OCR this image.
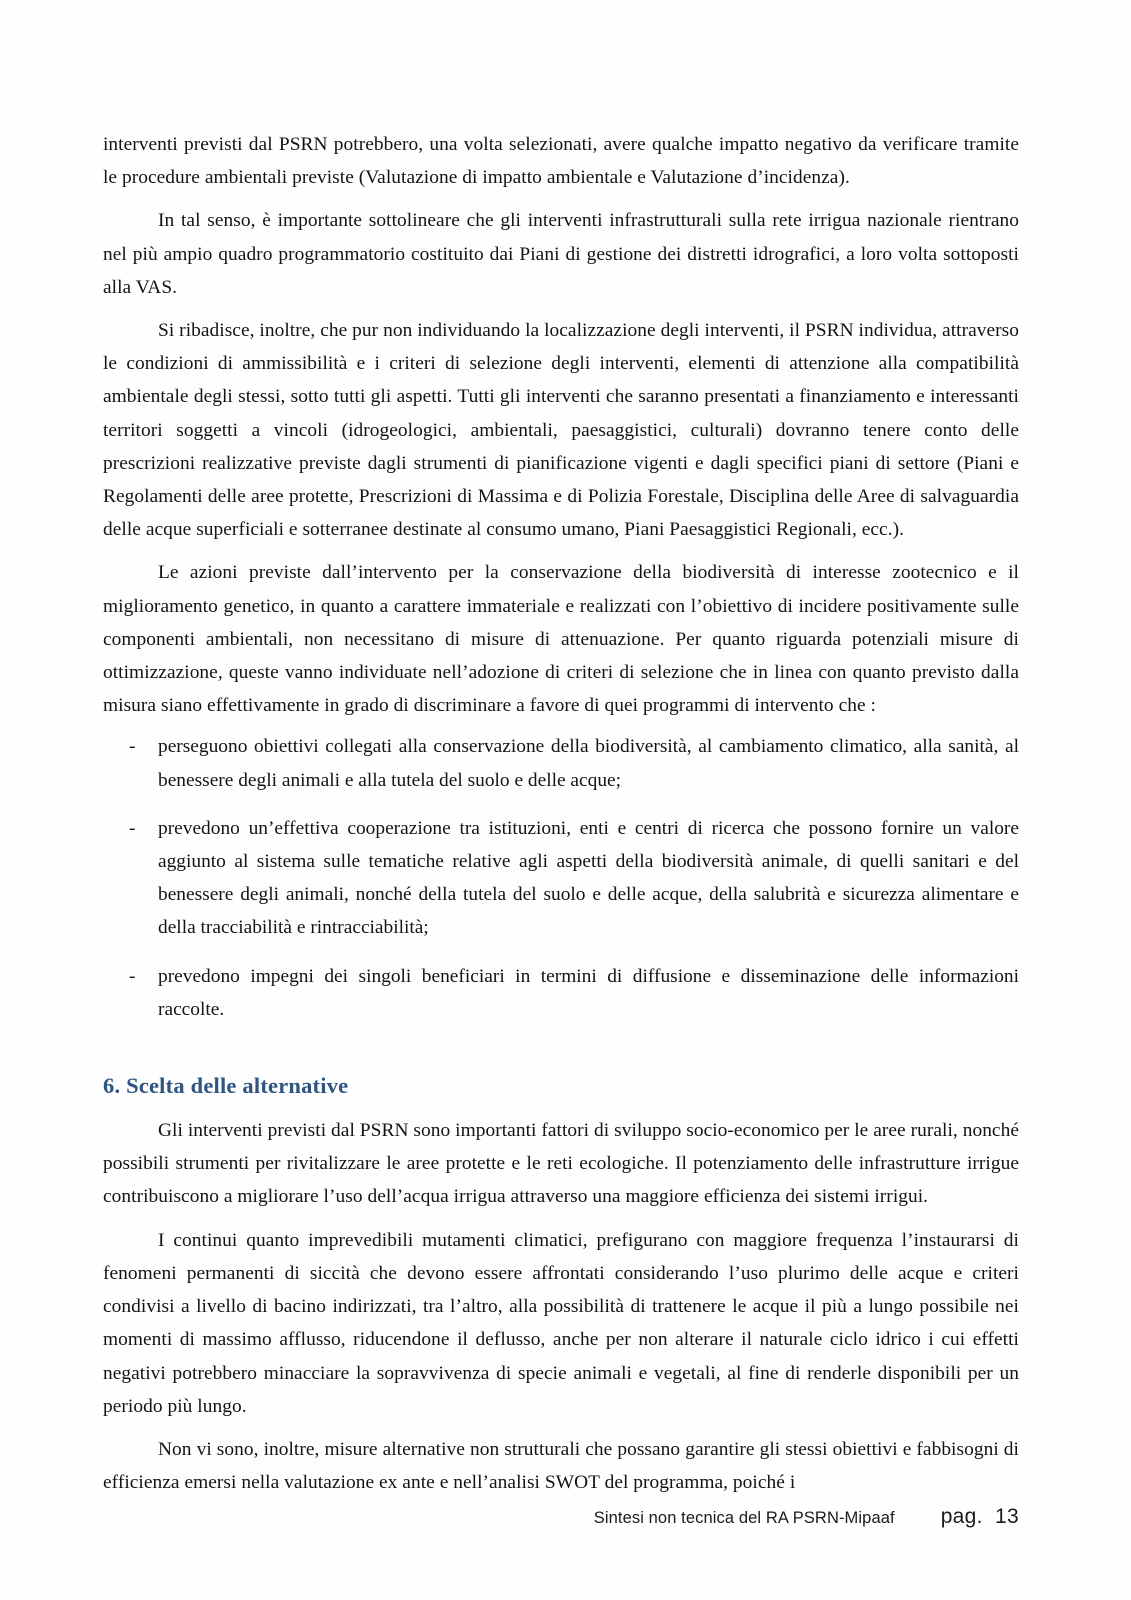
interventi previsti dal PSRN potrebbero, una volta selezionati, avere qualche impatto negativo da verificare tramite le procedure ambientali previste (Valutazione di impatto ambientale e Valutazione d’incidenza).

In tal senso, è importante sottolineare che gli interventi infrastrutturali sulla rete irrigua nazionale rientrano nel più ampio quadro programmatorio costituito dai Piani di gestione dei distretti idrografici, a loro volta sottoposti alla VAS.

Si ribadisce, inoltre, che pur non individuando la localizzazione degli interventi, il PSRN individua, attraverso le condizioni di ammissibilità e i criteri di selezione degli interventi, elementi di attenzione alla compatibilità ambientale degli stessi, sotto tutti gli aspetti. Tutti gli interventi che saranno presentati a finanziamento e interessanti territori soggetti a vincoli (idrogeologici, ambientali, paesaggistici, culturali) dovranno tenere conto delle prescrizioni realizzative previste dagli strumenti di pianificazione vigenti e dagli specifici piani di settore (Piani e Regolamenti delle aree protette, Prescrizioni di Massima e di Polizia Forestale, Disciplina delle Aree di salvaguardia delle acque superficiali e sotterranee destinate al consumo umano, Piani Paesaggistici Regionali, ecc.).

Le azioni previste dall’intervento per la conservazione della biodiversità di interesse zootecnico e il miglioramento genetico, in quanto a carattere immateriale e realizzati con l’obiettivo di incidere positivamente sulle componenti ambientali, non necessitano di misure di attenuazione. Per quanto riguarda potenziali misure di ottimizzazione, queste vanno individuate nell’adozione di criteri di selezione che in linea con quanto previsto dalla misura siano effettivamente in grado di discriminare a favore di quei programmi di intervento che :

- perseguono obiettivi collegati alla conservazione della biodiversità, al cambiamento climatico, alla sanità, al benessere degli animali e alla tutela del suolo e delle acque;
- prevedono un’effettiva cooperazione tra istituzioni, enti e centri di ricerca che possono fornire un valore aggiunto al sistema sulle tematiche relative agli aspetti della biodiversità animale, di quelli sanitari e del benessere degli animali, nonché della tutela del suolo e delle acque, della salubrità e sicurezza alimentare e della tracciabilità e rintracciabilità;
- prevedono impegni dei singoli beneficiari in termini di diffusione e disseminazione delle informazioni raccolte.
6. Scelta delle alternative

Gli interventi previsti dal PSRN sono importanti fattori di sviluppo socio-economico per le aree rurali, nonché possibili strumenti per rivitalizzare le aree protette e le reti ecologiche. Il potenziamento delle infrastrutture irrigue contribuiscono a migliorare l’uso dell’acqua irrigua attraverso una maggiore efficienza dei sistemi irrigui.

I continui quanto imprevedibili mutamenti climatici, prefigurano con maggiore frequenza l’instaurarsi di fenomeni permanenti di siccità che devono essere affrontati considerando l’uso plurimo delle acque e criteri condivisi a livello di bacino indirizzati, tra l’altro, alla possibilità di trattenere le acque il più a lungo possibile nei momenti di massimo afflusso, riducendone il deflusso, anche per non alterare il naturale ciclo idrico i cui effetti negativi potrebbero minacciare la sopravvivenza di specie animali e vegetali, al fine di renderle disponibili per un periodo più lungo.

Non vi sono, inoltre, misure alternative non strutturali che possano garantire gli stessi obiettivi e fabbisogni di efficienza emersi nella valutazione ex ante e nell’analisi SWOT del programma, poiché i

Sintesi non tecnica del RA PSRN-Mipaaf pag.  13
